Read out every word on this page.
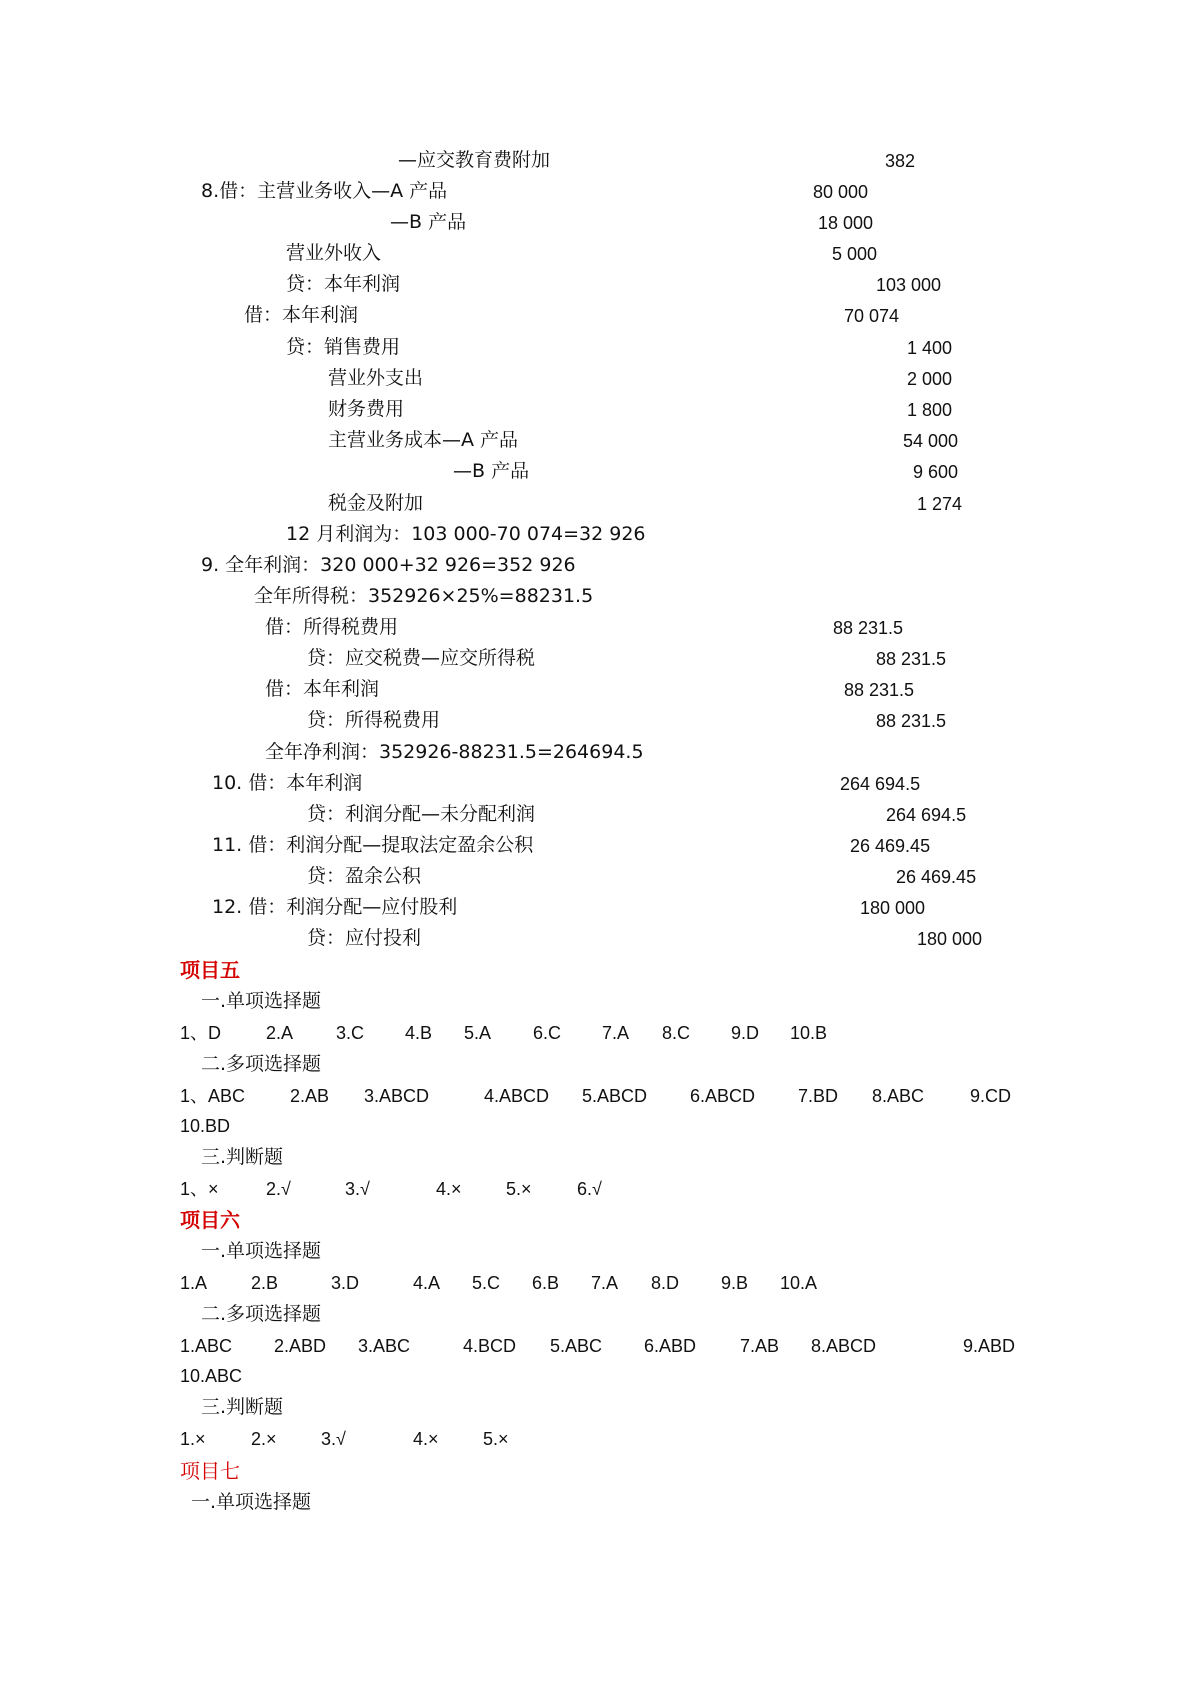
—应交教育费附加	382
8.借：主营业务收入—A 产品	80 000
—B 产品	18 000
营业外收入	5 000
贷：本年利润	103 000
借：本年利润	70 074
贷：销售费用	1 400
营业外支出	2 000
财务费用	1 800
主营业务成本—A 产品	54 000
—B 产品	9 600
税金及附加	1 274
12 月利润为：103 000-70 074=32 926
9. 全年利润：320 000+32 926=352 926
全年所得税：352926×25%=88231.5
借：所得税费用	88 231.5
贷：应交税费—应交所得税	88 231.5
借：本年利润	88 231.5
贷：所得税费用	88 231.5
全年净利润：352926-88231.5=264694.5
10. 借：本年利润	264 694.5
贷：利润分配—未分配利润	264 694.5
11. 借：利润分配—提取法定盈余公积	26 469.45
贷：盈余公积	26 469.45
12. 借：利润分配—应付股利	180 000
贷：应付投利	180 000
项目五
一.单项选择题
1、D 2.A 3.C 4.B 5.A 6.C 7.A 8.C 9.D 10.B
二.多项选择题
1、ABC 2.AB 3.ABCD	4.ABCD 5.ABCD 6.ABCD 7.BD 8.ABC	9.CD
10.BD
三.判断题
1、×	2.√	3.√	4.× 5.×	6.√
项目六
一.单项选择题
1.A 2.B	3.D	4.A 5.C 6.B 7.A 8.D 9.B 10.A
二.多项选择题
1.ABC 2.ABD 3.ABC	4.BCD 5.ABC 6.ABD 7.AB 8.ABCD	9.ABD
10.ABC
三.判断题
1.×	2.× 3.√	4.× 5.×
项目七
一.单项选择题
